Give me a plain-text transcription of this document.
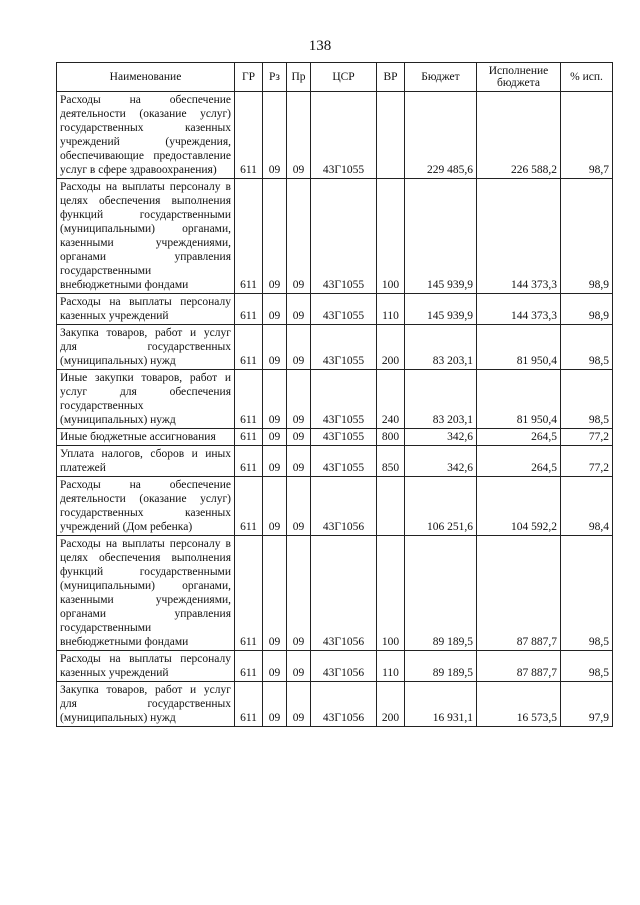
138
Наименование	ГР	Рз	Пр	ЦСР	ВР	Бюджет	Исполнение бюджета	% исп.
Расходы на обеспечение деятельности (оказание услуг) государственных казенных учреждений (учреждения, обеспечивающие предоставление услуг в сфере здравоохранения)	611	09	09	43Г1055		229 485,6	226 588,2	98,7
Расходы на выплаты персоналу в целях обеспечения выполнения функций государственными (муниципальными) органами, казенными учреждениями, органами управления государственными внебюджетными фондами	611	09	09	43Г1055	100	145 939,9	144 373,3	98,9
Расходы на выплаты персоналу казенных учреждений	611	09	09	43Г1055	110	145 939,9	144 373,3	98,9
Закупка товаров, работ и услуг для государственных (муниципальных) нужд	611	09	09	43Г1055	200	83 203,1	81 950,4	98,5
Иные закупки товаров, работ и услуг для обеспечения государственных (муниципальных) нужд	611	09	09	43Г1055	240	83 203,1	81 950,4	98,5
Иные бюджетные ассигнования	611	09	09	43Г1055	800	342,6	264,5	77,2
Уплата налогов, сборов и иных платежей	611	09	09	43Г1055	850	342,6	264,5	77,2
Расходы на обеспечение деятельности (оказание услуг) государственных казенных учреждений (Дом ребенка)	611	09	09	43Г1056		106 251,6	104 592,2	98,4
Расходы на выплаты персоналу в целях обеспечения выполнения функций государственными (муниципальными) органами, казенными учреждениями, органами управления государственными внебюджетными фондами	611	09	09	43Г1056	100	89 189,5	87 887,7	98,5
Расходы на выплаты персоналу казенных учреждений	611	09	09	43Г1056	110	89 189,5	87 887,7	98,5
Закупка товаров, работ и услуг для государственных (муниципальных) нужд	611	09	09	43Г1056	200	16 931,1	16 573,5	97,9
